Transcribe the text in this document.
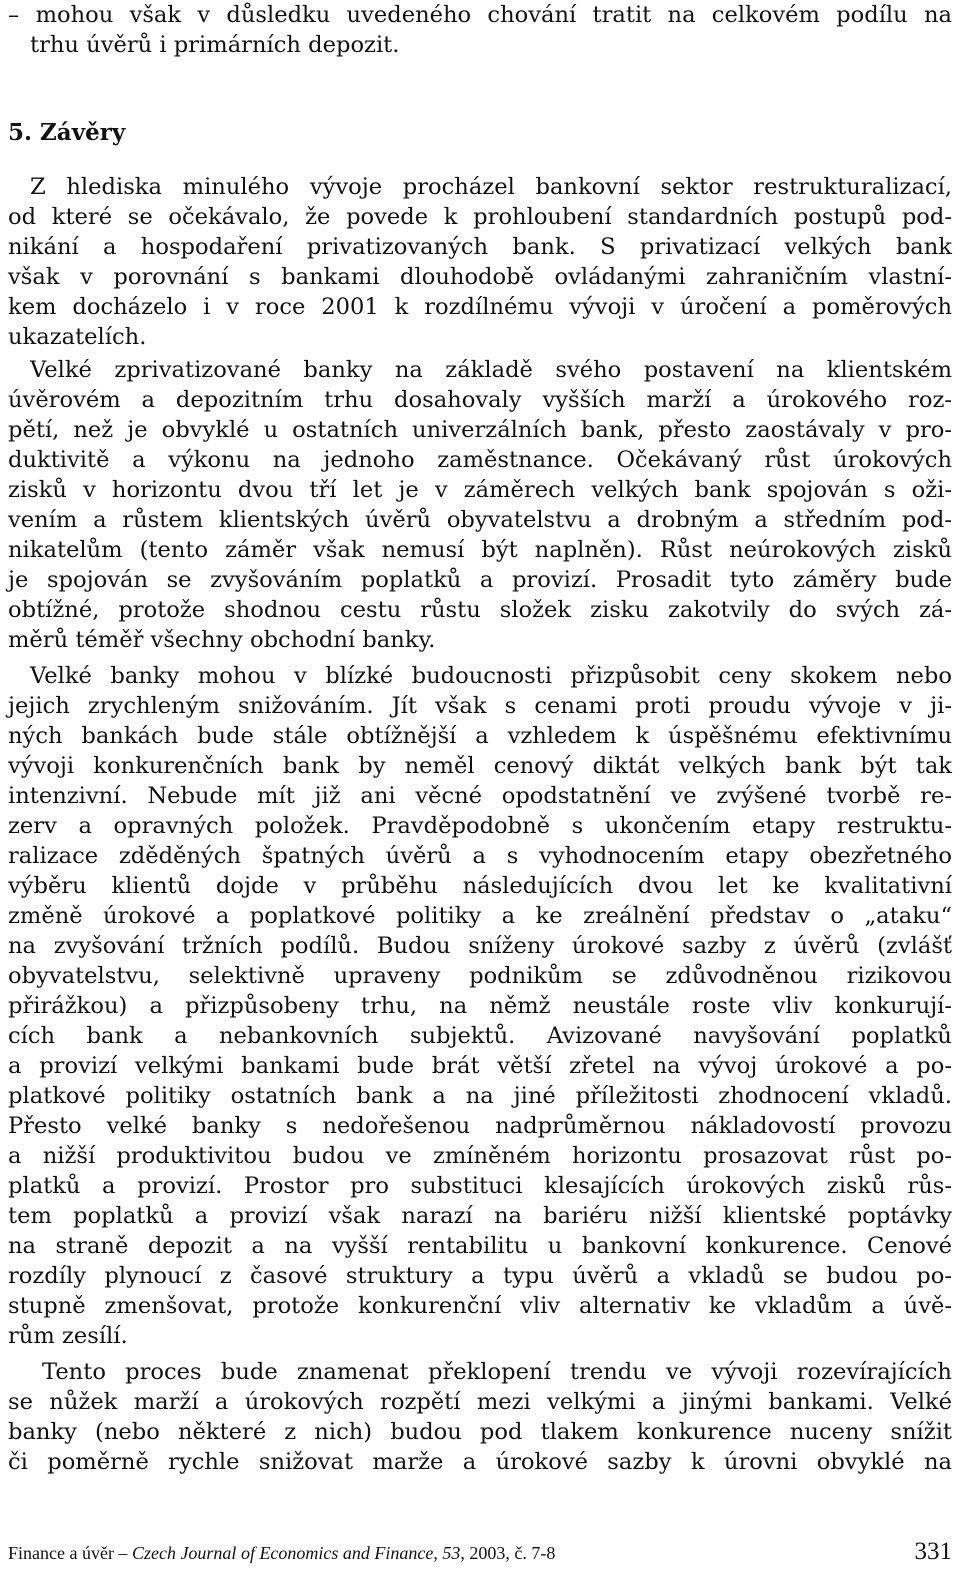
– mohou však v důsledku uvedeného chování tratit na celkovém podílu na
trhu úvěrů i primárních depozit.
5. Závěry
Z hlediska minulého vývoje procházel bankovní sektor restrukturalizací,
od které se očekávalo, že povede k prohloubení standardních postupů pod-
nikání a hospodaření privatizovaných bank. S privatizací velkých bank
však v porovnání s bankami dlouhodobě ovládanými zahraničním vlastní-
kem docházelo i v roce 2001 k rozdílnému vývoji v úročení a poměrových
ukazatelích.
Velké zprivatizované banky na základě svého postavení na klientském
úvěrovém a depozitním trhu dosahovaly vyšších marží a úrokového roz-
pětí, než je obvyklé u ostatních univerzálních bank, přesto zaostávaly v pro-
duktivitě a výkonu na jednoho zaměstnance. Očekávaný růst úrokových
zisků v horizontu dvou tří let je v záměrech velkých bank spojován s oži-
vením a růstem klientských úvěrů obyvatelstvu a drobným a středním pod-
nikatelům (tento záměr však nemusí být naplněn). Růst neúrokových zisků
je spojován se zvyšováním poplatků a provizí. Prosadit tyto záměry bude
obtížné, protože shodnou cestu růstu složek zisku zakotvily do svých zá-
měrů téměř všechny obchodní banky.
Velké banky mohou v blízké budoucnosti přizpůsobit ceny skokem nebo
jejich zrychleným snižováním. Jít však s cenami proti proudu vývoje v ji-
ných bankách bude stále obtížnější a vzhledem k úspěšnému efektivnímu
vývoji konkurenčních bank by neměl cenový diktát velkých bank být tak
intenzivní. Nebude mít již ani věcné opodstatnění ve zvýšené tvorbě re-
zerv a opravných položek. Pravděpodobně s ukončením etapy restruktu-
ralizace zděděných špatných úvěrů a s vyhodnocením etapy obezřetného
výběru klientů dojde v průběhu následujících dvou let ke kvalitativní
změně úrokové a poplatkové politiky a ke zreálnění představ o „ataku“
na zvyšování tržních podílů. Budou sníženy úrokové sazby z úvěrů (zvlášť
obyvatelstvu, selektivně upraveny podnikům se zdůvodněnou rizikovou
přirážkou) a přizpůsobeny trhu, na němž neustále roste vliv konkurují-
cích bank a nebankovních subjektů. Avizované navyšování poplatků
a provizí velkými bankami bude brát větší zřetel na vývoj úrokové a po-
platkové politiky ostatních bank a na jiné příležitosti zhodnocení vkladů.
Přesto velké banky s nedořešenou nadprůměrnou nákladovostí provozu
a nižší produktivitou budou ve zmíněném horizontu prosazovat růst po-
platků a provizí. Prostor pro substituci klesajících úrokových zisků růs-
tem poplatků a provizí však narazí na bariéru nižší klientské poptávky
na straně depozit a na vyšší rentabilitu u bankovní konkurence. Cenové
rozdíly plynoucí z časové struktury a typu úvěrů a vkladů se budou po-
stupně zmenšovat, protože konkurenční vliv alternativ ke vkladům a úvě-
rům zesílí.
Tento proces bude znamenat překlopení trendu ve vývoji rozevírajících
se nůžek marží a úrokových rozpětí mezi velkými a jinými bankami. Velké
banky (nebo některé z nich) budou pod tlakem konkurence nuceny snížit
či poměrně rychle snižovat marže a úrokové sazby k úrovni obvyklé na
Finance a úvěr – Czech Journal of Economics and Finance, 53, 2003, č. 7-8	331
